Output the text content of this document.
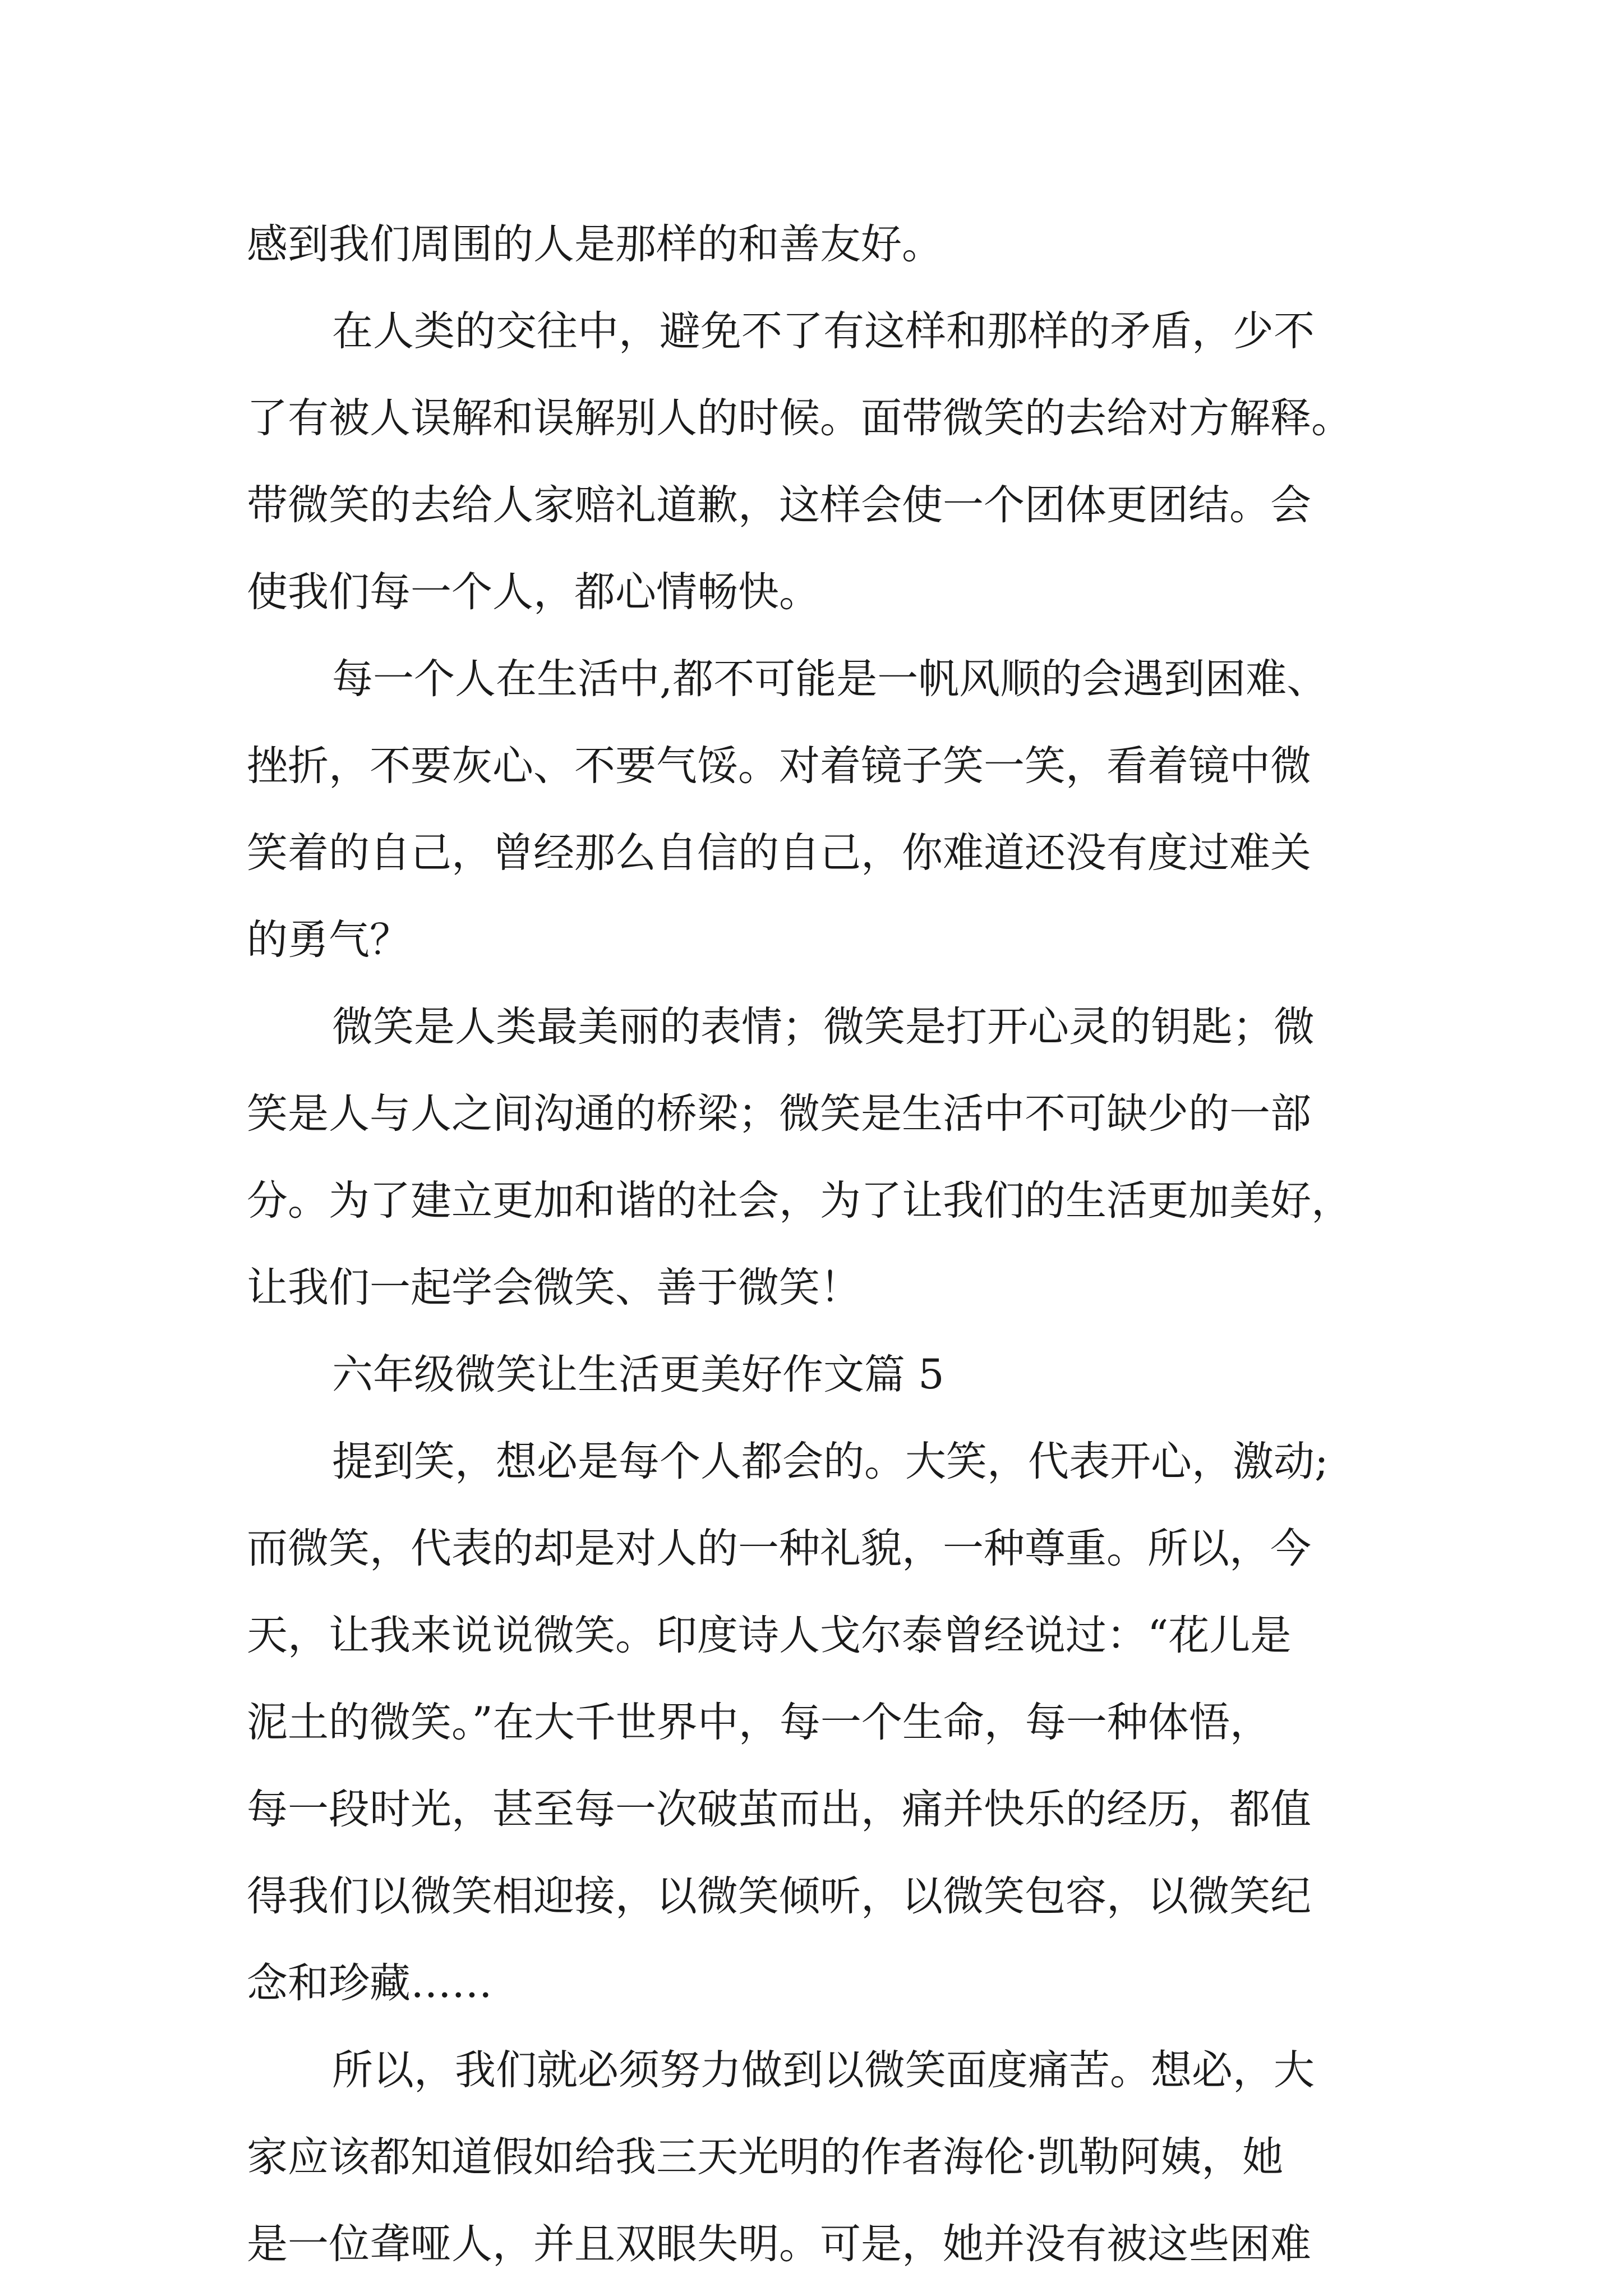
感到我们周围的人是那样的和善友好。
在人类的交往中，避免不了有这样和那样的矛盾，少不
了有被人误解和误解别人的时候。面带微笑的去给对方解释。
带微笑的去给人家赔礼道歉，这样会使一个团体更团结。会
使我们每一个人，都心情畅快。
每一个人在生活中,都不可能是一帆风顺的会遇到困难、
挫折，不要灰心、不要气馁。对着镜子笑一笑，看着镜中微
笑着的自己，曾经那么自信的自己，你难道还没有度过难关
的勇气？
微笑是人类最美丽的表情；微笑是打开心灵的钥匙；微
笑是人与人之间沟通的桥梁；微笑是生活中不可缺少的一部
分。为了建立更加和谐的社会，为了让我们的生活更加美好，
让我们一起学会微笑、善于微笑！
六年级微笑让生活更美好作文篇 5
提到笑，想必是每个人都会的。大笑，代表开心，激动;
而微笑，代表的却是对人的一种礼貌，一种尊重。所以，今
天，让我来说说微笑。印度诗人戈尔泰曾经说过：“花儿是
泥土的微笑。”在大千世界中，每一个生命，每一种体悟，
每一段时光，甚至每一次破茧而出，痛并快乐的经历，都值
得我们以微笑相迎接，以微笑倾听，以微笑包容，以微笑纪
念和珍藏……
所以，我们就必须努力做到以微笑面度痛苦。想必，大
家应该都知道假如给我三天光明的作者海伦·凯勒阿姨，她
是一位聋哑人，并且双眼失明。可是，她并没有被这些困难
